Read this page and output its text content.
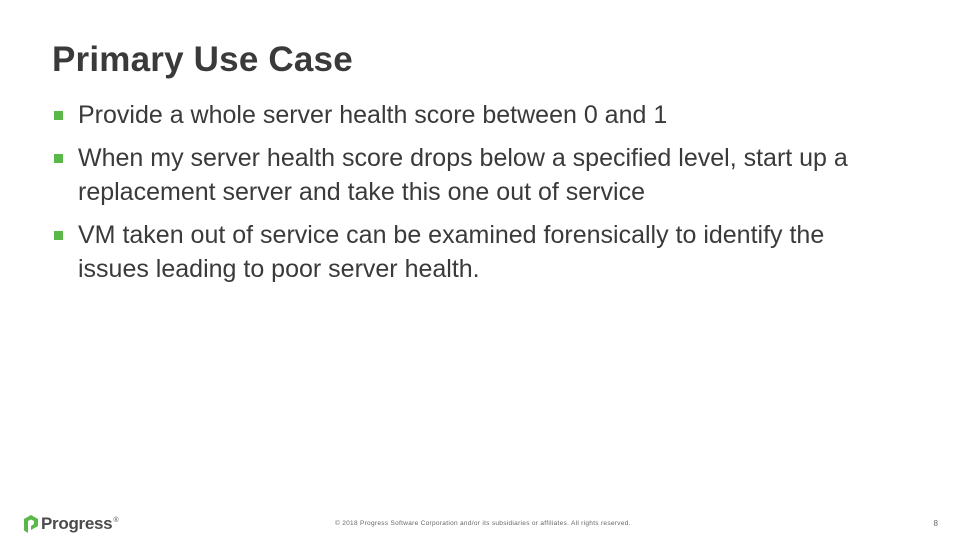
Primary Use Case
Provide a whole server health score between 0 and 1
When my server health score drops below a specified level, start up a replacement server and take this one out of service
VM taken out of service can be examined forensically to identify the issues leading to poor server health.
Progress ®	© 2018 Progress Software Corporation and/or its subsidiaries or affiliates. All rights reserved.	8
